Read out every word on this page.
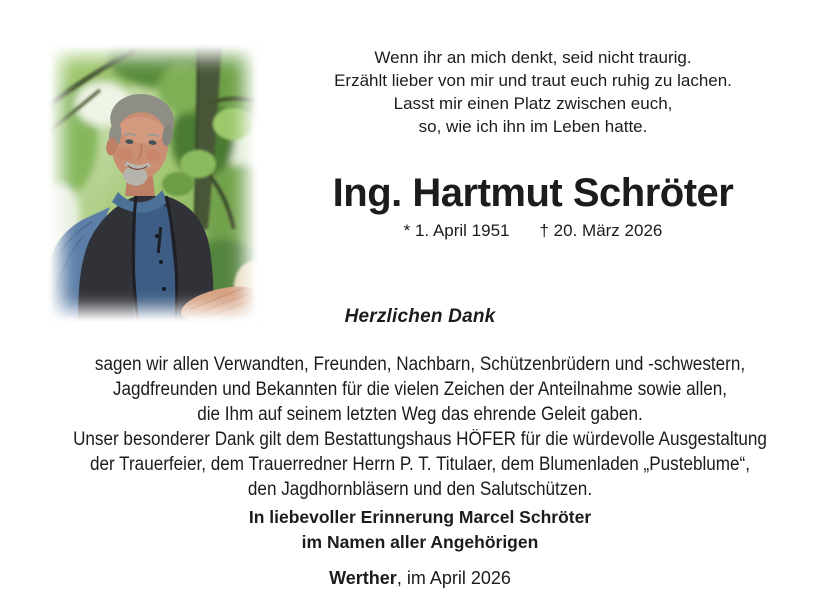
Wenn ihr an mich denkt, seid nicht traurig.
Erzählt lieber von mir und traut euch ruhig zu lachen.
Lasst mir einen Platz zwischen euch,
so, wie ich ihn im Leben hatte.
Ing. Hartmut Schröter
* 1. April 1951 † 20. März 2026
Herzlichen Dank
sagen wir allen Verwandten, Freunden, Nachbarn, Schützenbrüdern und -schwestern,
Jagdfreunden und Bekannten für die vielen Zeichen der Anteilnahme sowie allen,
die Ihm auf seinem letzten Weg das ehrende Geleit gaben.
Unser besonderer Dank gilt dem Bestattungshaus HÖFER für die würdevolle Ausgestaltung
der Trauerfeier, dem Trauerredner Herrn P. T. Titulaer, dem Blumenladen „Pusteblume“,
den Jagdhornbläsern und den Salutschützen.
In liebevoller Erinnerung Marcel Schröter
im Namen aller Angehörigen
Werther, im April 2026
